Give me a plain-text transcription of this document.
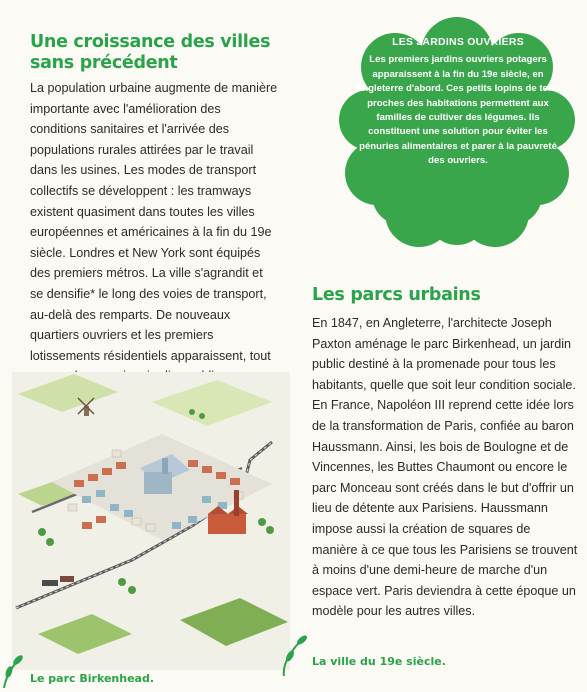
Une croissance des villes
sans précédent

La population urbaine augmente de manière importante avec l'amélioration des conditions sanitaires et l'arrivée des populations rurales attirées par le travail dans les usines. Les modes de transport collectifs se développent : les tramways existent quasiment dans toutes les villes européennes et américaines à la fin du 19e siècle. Londres et New York sont équipés des premiers métros. La ville s'agrandit et se densifie* le long des voies de transport, au-delà des remparts. De nouveaux quartiers ouvriers et les premiers lotissements résidentiels apparaissent, tout

LES JARDINS OUVRIERS
Les premiers jardins ouvriers potagers apparaissent à la fin du 19e siècle, en Angleterre d'abord. Ces petits lopins de terre proches des habitations permettent aux familles de cultiver des légumes. Ils constituent une solution pour éviter les pénuries alimentaires et parer à la pauvreté des ouvriers.
Les parcs urbains

En 1847, en Angleterre, l'architecte Joseph Paxton aménage le parc Birkenhead, un jardin public destiné à la promenade pour tous les habitants, quelle que soit leur condition sociale. En France, Napoléon III reprend cette idée lors de la transformation de Paris, confiée au baron Haussmann. Ainsi, les bois de Boulogne et de Vincennes, les Buttes Chaumont ou encore le parc Monceau sont créés dans le but d'offrir un lieu de détente aux Parisiens. Haussmann impose aussi la création de squares de manière à ce que tous les Parisiens se trouvent à moins d'une demi-heure de marche d'un espace vert. Paris deviendra à cette époque un modèle pour les autres villes.

Le parc Birkenhead.
La ville du 19e siècle.
